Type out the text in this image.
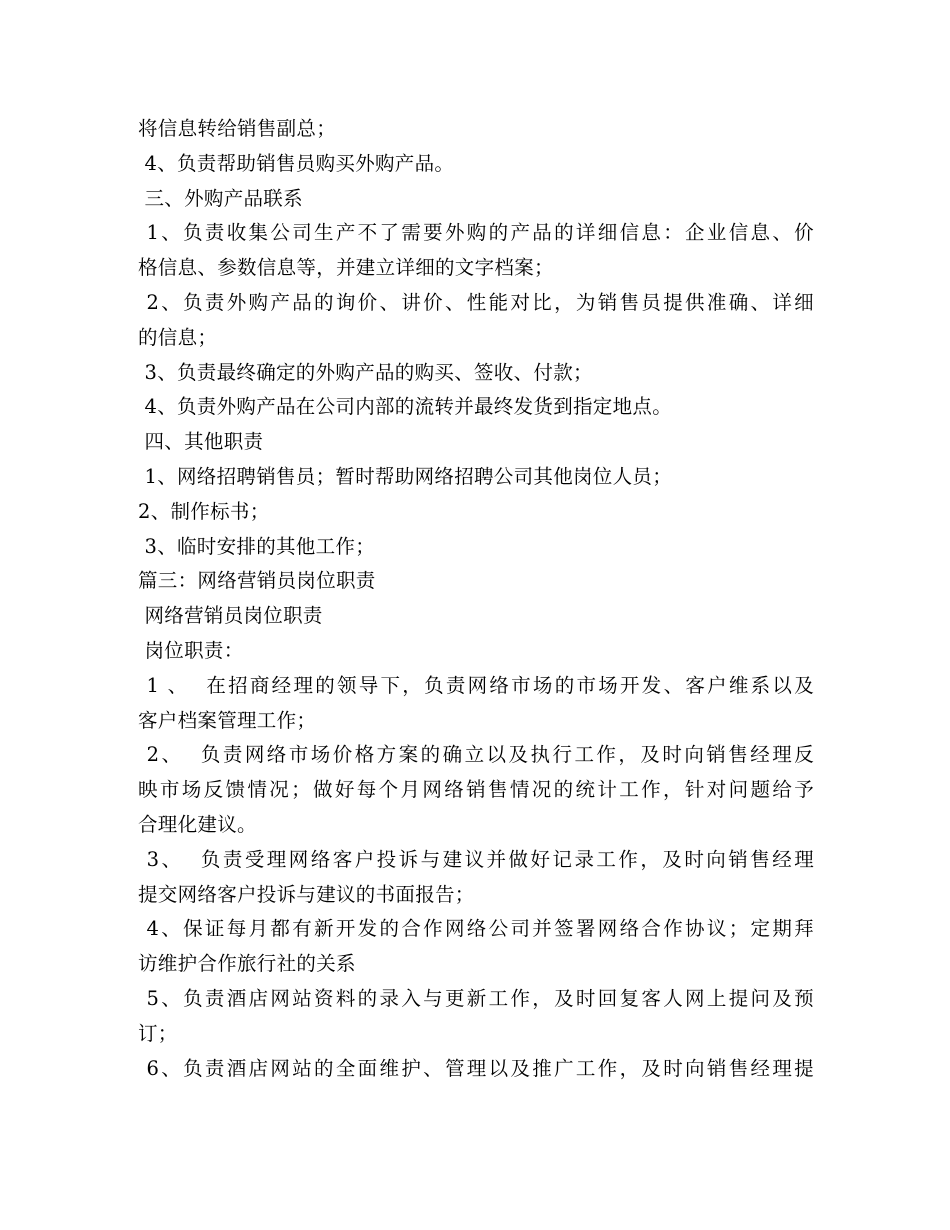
将信息转给销售副总；
4、负责帮助销售员购买外购产品。
三、外购产品联系
1、负责收集公司生产不了需要外购的产品的详细信息：企业信息、价
格信息、参数信息等，并建立详细的文字档案；
2、负责外购产品的询价、讲价、性能对比，为销售员提供准确、详细
的信息；
3、负责最终确定的外购产品的购买、签收、付款；
4、负责外购产品在公司内部的流转并最终发货到指定地点。
四、其他职责
1、网络招聘销售员；暂时帮助网络招聘公司其他岗位人员；
2、制作标书；
3、临时安排的其他工作；
篇三：网络营销员岗位职责
网络营销员岗位职责
岗位职责：
1 、  在招商经理的领导下，负责网络市场的市场开发、客户维系以及
客户档案管理工作；
2、  负责网络市场价格方案的确立以及执行工作，及时向销售经理反
映市场反馈情况；做好每个月网络销售情况的统计工作，针对问题给予
合理化建议。
3、  负责受理网络客户投诉与建议并做好记录工作，及时向销售经理
提交网络客户投诉与建议的书面报告；
4、保证每月都有新开发的合作网络公司并签署网络合作协议；定期拜
访维护合作旅行社的关系
5、负责酒店网站资料的录入与更新工作，及时回复客人网上提问及预
订；
6、负责酒店网站的全面维护、管理以及推广工作，及时向销售经理提
